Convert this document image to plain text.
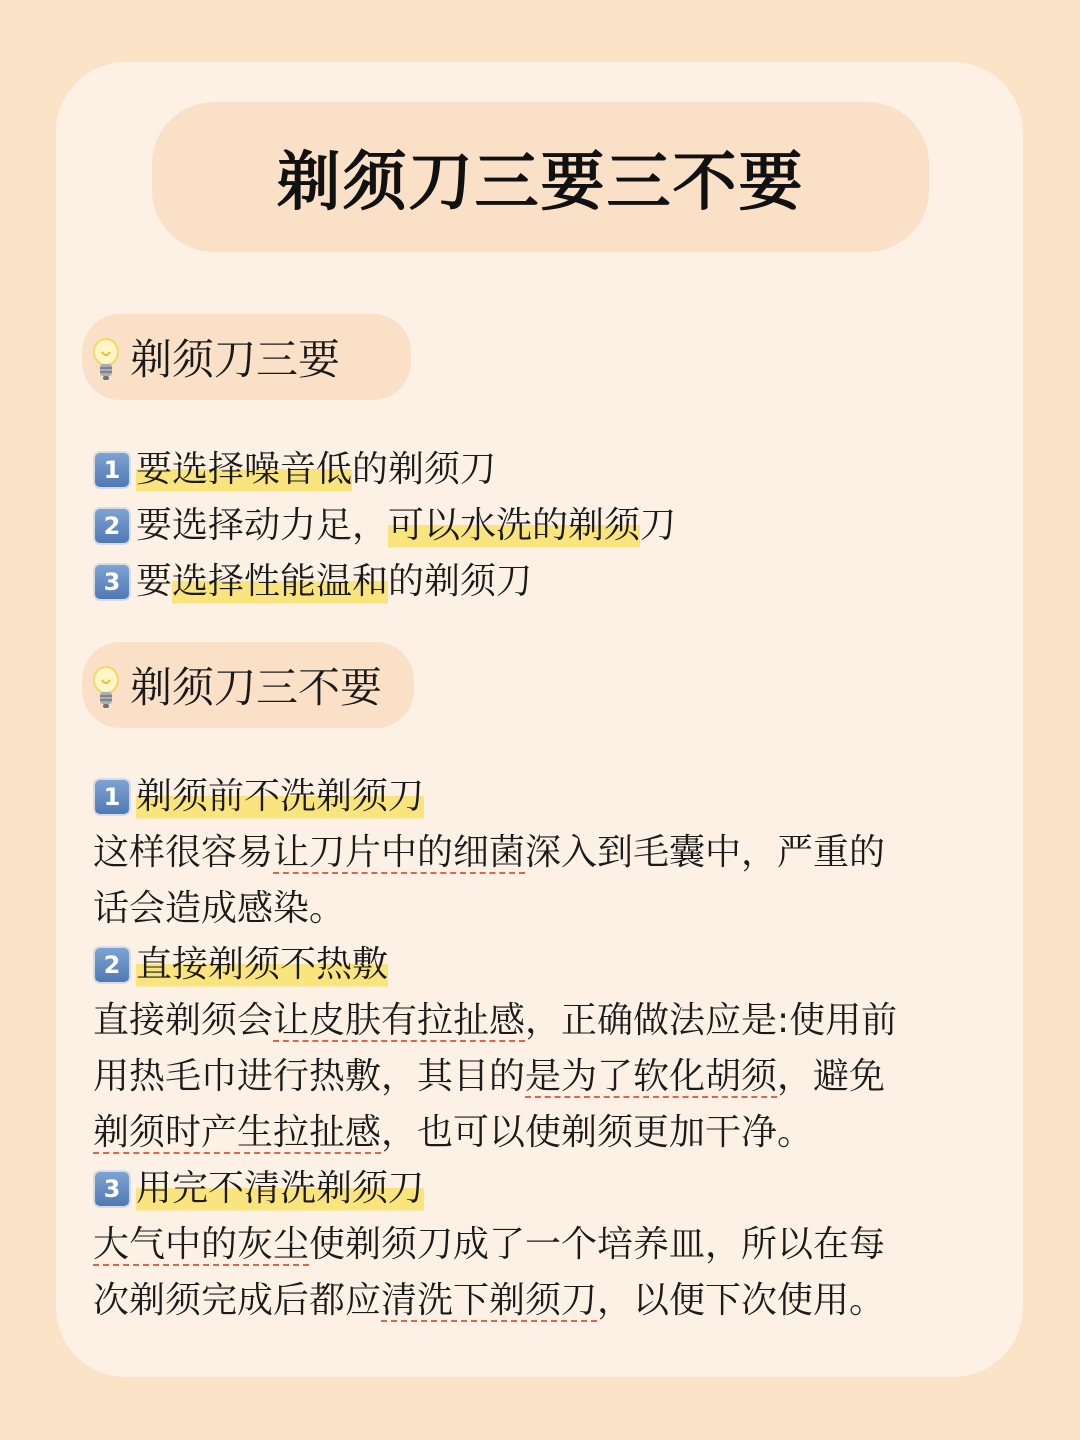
剃须刀三要三不要
剃须刀三要
1 要选择噪音低 的剃须刀
2 要选择动力足， 可以水洗的剃须 刀
3 要 选择性能温和 的剃须刀
剃须刀三不要
1 剃须前不洗剃须刀
这样很容易让刀片中的细菌深入到毛囊中，严重的
话会造成感染。
2 直接剃须不热敷
直接剃须会让皮肤有拉扯感，正确做法应是:使用前
用热毛巾进行热敷，其目的是为了软化胡须，避免
剃须时产生拉扯感，也可以使剃须更加干净。
3 用完不清洗剃须刀
大气中的灰尘使剃须刀成了一个培养皿，所以在每
次剃须完成后都应清洗下剃须刀，以便下次使用。
